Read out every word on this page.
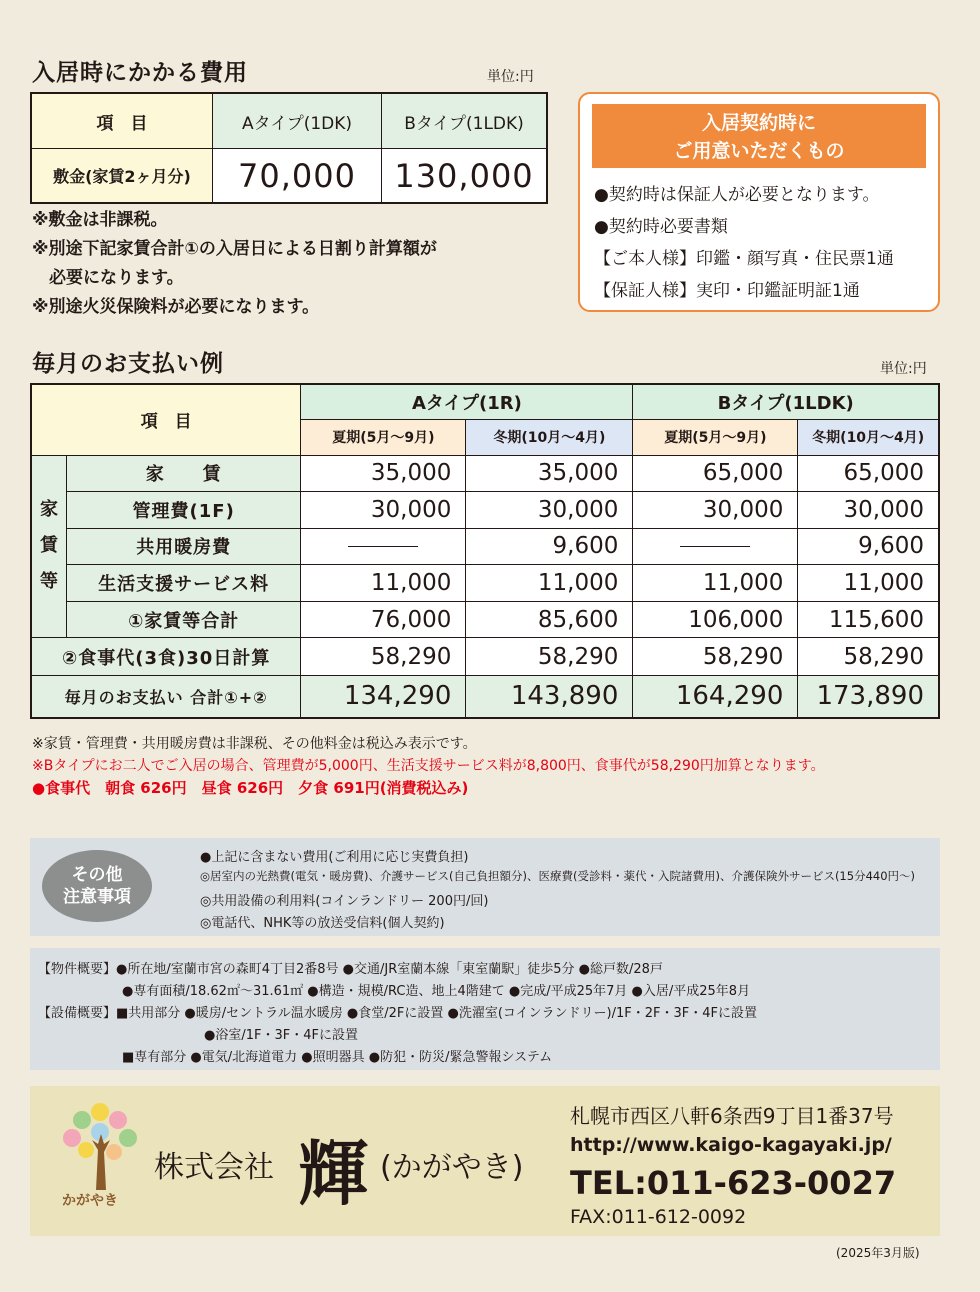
入居時にかかる費用	単位:円
項　目	Aタイプ(1DK)	Bタイプ(1LDK)
敷金(家賃2ヶ月分)	70,000	130,000
※敷金は非課税。
※別途下記家賃合計①の入居日による日割り計算額が
　必要になります。
※別途火災保険料が必要になります。
入居契約時に
ご用意いただくもの
●契約時は保証人が必要となります。
●契約時必要書類
【ご本人様】印鑑・顔写真・住民票1通
【保証人様】実印・印鑑証明証1通
毎月のお支払い例	単位:円
項　目		Aタイプ(1R)		Bタイプ(1LDK)	
		夏期(5月〜9月)	冬期(10月〜4月)	夏期(5月〜9月)	冬期(10月〜4月)

家
賃
等	家　　賃	35,000	35,000	65,000	65,000
	管理費(1F)	30,000	30,000	30,000	30,000
	共用暖房費		9,600		9,600
	生活支援サービス料	11,000	11,000	11,000	11,000
	①家賃等合計	76,000	85,600	106,000	115,600
②食事代(3食)30日計算		58,290	58,290	58,290	58,290
毎月のお支払い 合計①+②		134,290	143,890	164,290	173,890
※家賃・管理費・共用暖房費は非課税、その他料金は税込み表示です。
※Bタイプにお二人でご入居の場合、管理費が5,000円、生活支援サービス料が8,800円、食事代が58,290円加算となります。
●食事代　朝食 626円　昼食 626円　夕食 691円(消費税込み)
その他
注意事項
●上記に含まない費用(ご利用に応じ実費負担)
◎居室内の光熱費(電気・暖房費)、介護サービス(自己負担額分)、医療費(受診料・薬代・入院諸費用)、介護保険外サービス(15分440円〜)
◎共用設備の利用料(コインランドリー 200円/回)
◎電話代、NHK等の放送受信料(個人契約)
【物件概要】●所在地/室蘭市宮の森町4丁目2番8号 ●交通/JR室蘭本線「東室蘭駅」徒歩5分 ●総戸数/28戸
●専有面積/18.62㎡〜31.61㎡ ●構造・規模/RC造、地上4階建て ●完成/平成25年7月 ●入居/平成25年8月
【設備概要】■共用部分 ●暖房/セントラル温水暖房 ●食堂/2Fに設置 ●洗濯室(コインランドリー)/1F・2F・3F・4Fに設置
●浴室/1F・3F・4Fに設置
■専有部分 ●電気/北海道電力 ●照明器具 ●防犯・防災/緊急警報システム
かがやき
株式会社 輝 (かがやき)
札幌市西区八軒6条西9丁目1番37号
http://www.kaigo-kagayaki.jp/
TEL:011-623-0027
FAX:011-612-0092
(2025年3月版)
